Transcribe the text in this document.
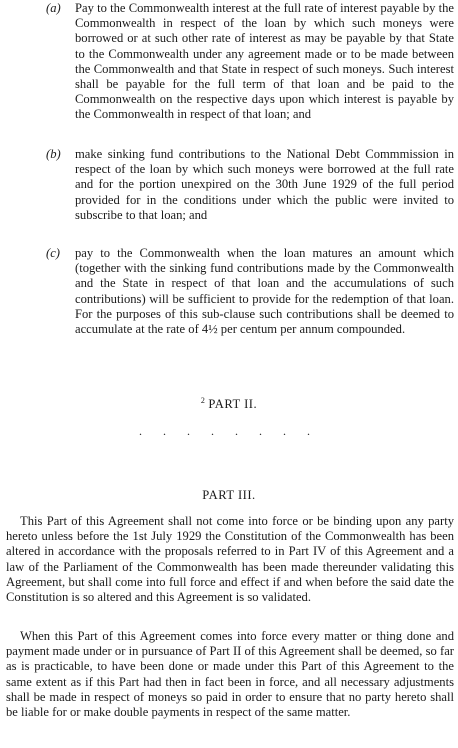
(a)	Pay to the Commonwealth interest at the full rate of interest payable by the Commonwealth in respect of the loan by which such moneys were borrowed or at such other rate of interest as may be payable by that State to the Commonwealth under any agreement made or to be made between the Commonwealth and that State in respect of such moneys. Such interest shall be payable for the full term of that loan and be paid to the Commonwealth on the respective days upon which interest is payable by the Commonwealth in respect of that loan; and
(b)	make sinking fund contributions to the National Debt Commmission in respect of the loan by which such moneys were borrowed at the full rate and for the portion unexpired on the 30th June 1929 of the full period provided for in the conditions under which the public were invited to subscribe to that loan; and
(c)	pay to the Commonwealth when the loan matures an amount which (together with the sinking fund contributions made by the Commonwealth and the State in respect of that loan and the accumulations of such contributions) will be sufficient to provide for the redemption of that loan. For the purposes of this sub-clause such contributions shall be deemed to accumulate at the rate of 4½ per centum per annum compounded.
$^2$ PART II.
. . . . . . . .
PART III.
This Part of this Agreement shall not come into force or be binding upon any party hereto unless before the 1st July 1929 the Constitution of the Commonwealth has been altered in accordance with the proposals referred to in Part IV of this Agreement and a law of the Parliament of the Commonwealth has been made thereunder validating this Agreement, but shall come into full force and effect if and when before the said date the Constitution is so altered and this Agreement is so validated.
When this Part of this Agreement comes into force every matter or thing done and payment made under or in pursuance of Part II of this Agreement shall be deemed, so far as is practicable, to have been done or made under this Part of this Agreement to the same extent as if this Part had then in fact been in force, and all necessary adjustments shall be made in respect of moneys so paid in order to ensure that no party hereto shall be liable for or make double payments in respect of the same matter.
